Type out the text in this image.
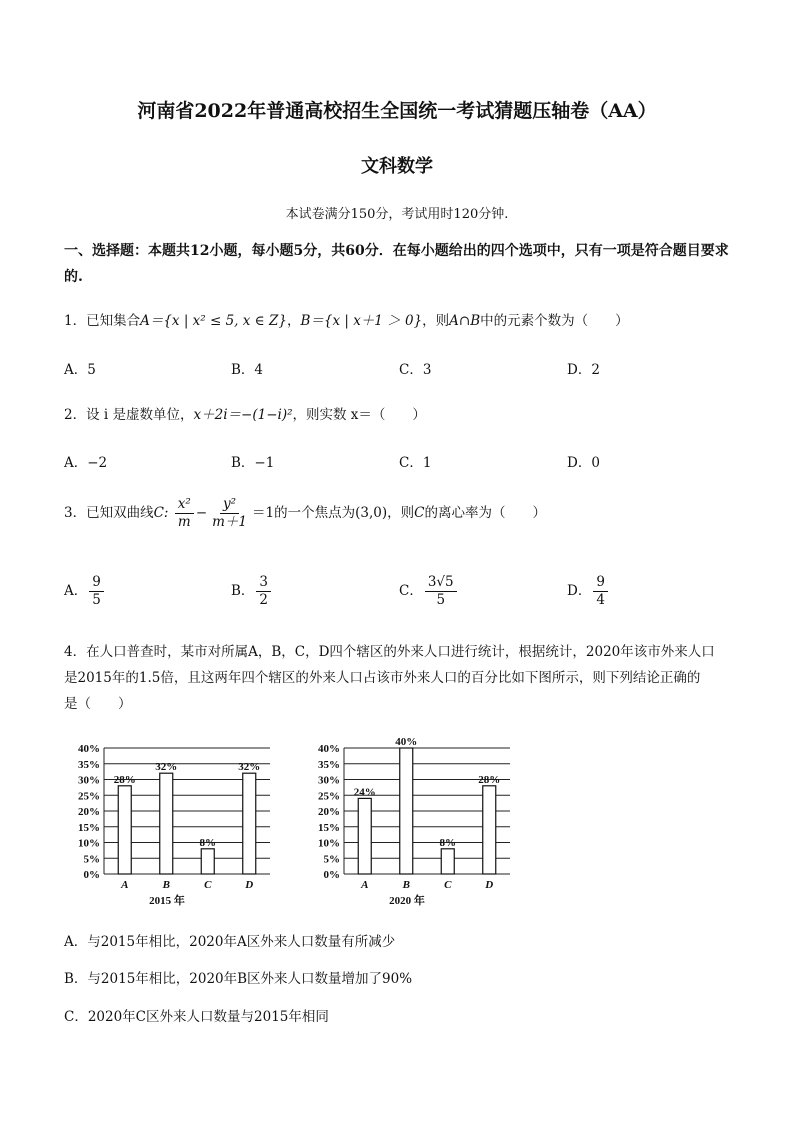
河南省2022年普通高校招生全国统一考试猜题压轴卷（AA）
文科数学
本试卷满分150分，考试用时120分钟.
一、选择题：本题共12小题，每小题5分，共60分．在每小题给出的四个选项中，只有一项是符合题目要求的.
1．已知集合A＝{x | x² ≤ 5, x ∈ Z}，B＝{x | x＋1 ＞ 0}，则A∩B中的元素个数为（　　）
A．5	B．4	C．3	D．2
2．设 i 是虚数单位，x＋2i＝−(1−i)²，则实数 x＝（　　）
A．−2	B．−1	C．1	D．0
3．已知双曲线C: $\frac{\text{x²}}{m} - \frac{\text{y²}}{m+1} =1$的一个焦点为(3,0)，则C的离心率为（　　）
A． $\frac{9}{5}$	B． $\frac{3}{2}$	C． $\frac{3√5}{5}$	D． $\frac{9}{4}$
4．在人口普查时，某市对所属A，B，C，D四个辖区的外来人口进行统计，根据统计，2020年该市外来人口
是2015年的1.5倍，且这两年四个辖区的外来人口占该市外来人口的百分比如下图所示，则下列结论正确的
是（　　）
0%
5%
10%
15%
20%
25%
30%
35%
40%
28%
A
32%
B
8%
C
32%
D
2015 年
0%
5%
10%
15%
20%
25%
30%
35%
40%
24%
A
40%
B
8%
C
28%
D
2020 年
A．与2015年相比，2020年A区外来人口数量有所减少
B．与2015年相比，2020年B区外来人口数量增加了90%
C．2020年C区外来人口数量与2015年相同
